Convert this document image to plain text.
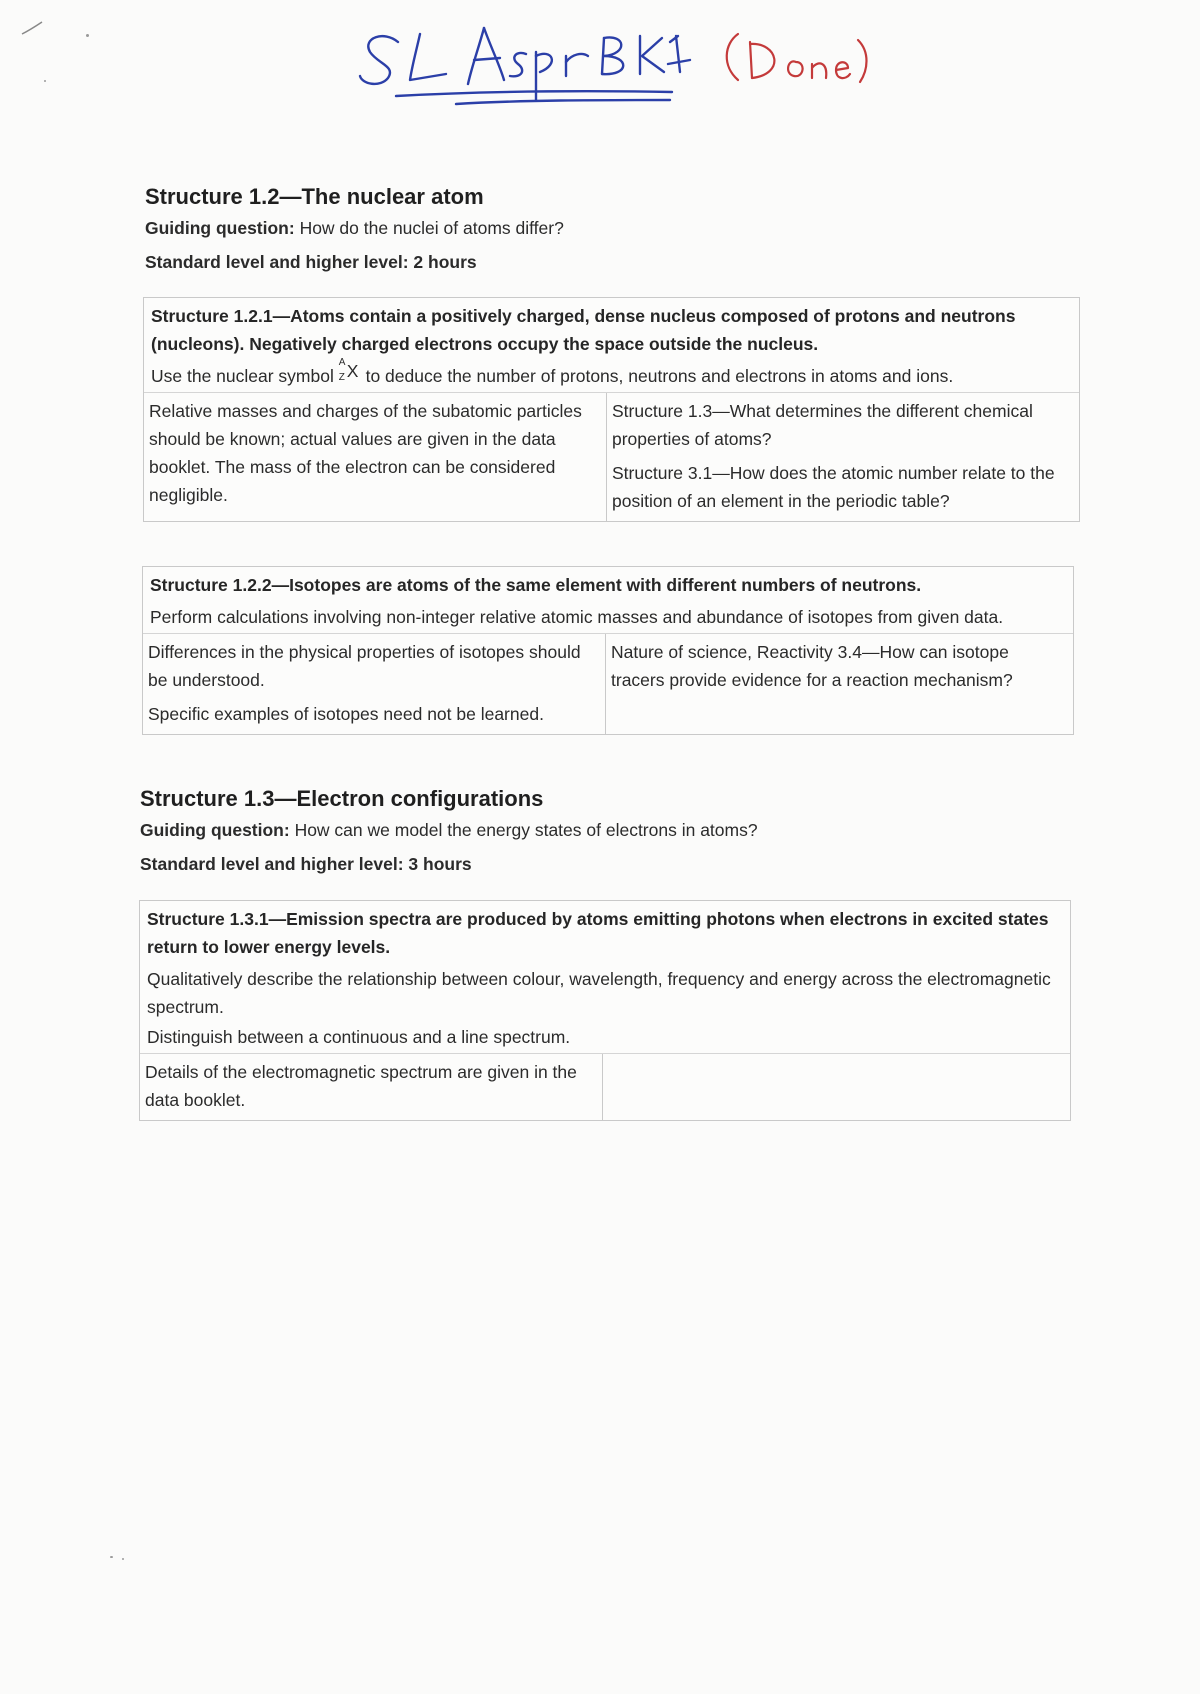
Structure 1.2—The nuclear atom
Guiding question: How do the nuclei of atoms differ?
Standard level and higher level: 2 hours
Structure 1.2.1—Atoms contain a positively charged, dense nucleus composed of protons and neutrons (nucleons). Negatively charged electrons occupy the space outside the nucleus.
Use the nuclear symbol
A
Z X to deduce the number of protons, neutrons and electrons in atoms and ions.

Relative masses and charges of the subatomic particles should be known; actual values are given in the data booklet. The mass of the electron can be considered negligible.

Structure 1.3—What determines the different chemical properties of atoms?

Structure 3.1—How does the atomic number relate to the position of an element in the periodic table?

Structure 1.2.2—Isotopes are atoms of the same element with different numbers of neutrons.
Perform calculations involving non-integer relative atomic masses and abundance of isotopes from given data.

Differences in the physical properties of isotopes should be understood.

Specific examples of isotopes need not be learned.

Nature of science, Reactivity 3.4—How can isotope tracers provide evidence for a reaction mechanism?

Structure 1.3—Electron configurations
Guiding question: How can we model the energy states of electrons in atoms?
Standard level and higher level: 3 hours
Structure 1.3.1—Emission spectra are produced by atoms emitting photons when electrons in excited states return to lower energy levels.
Qualitatively describe the relationship between colour, wavelength, frequency and energy across the electromagnetic spectrum.
Distinguish between a continuous and a line spectrum.

Details of the electromagnetic spectrum are given in the data booklet.
